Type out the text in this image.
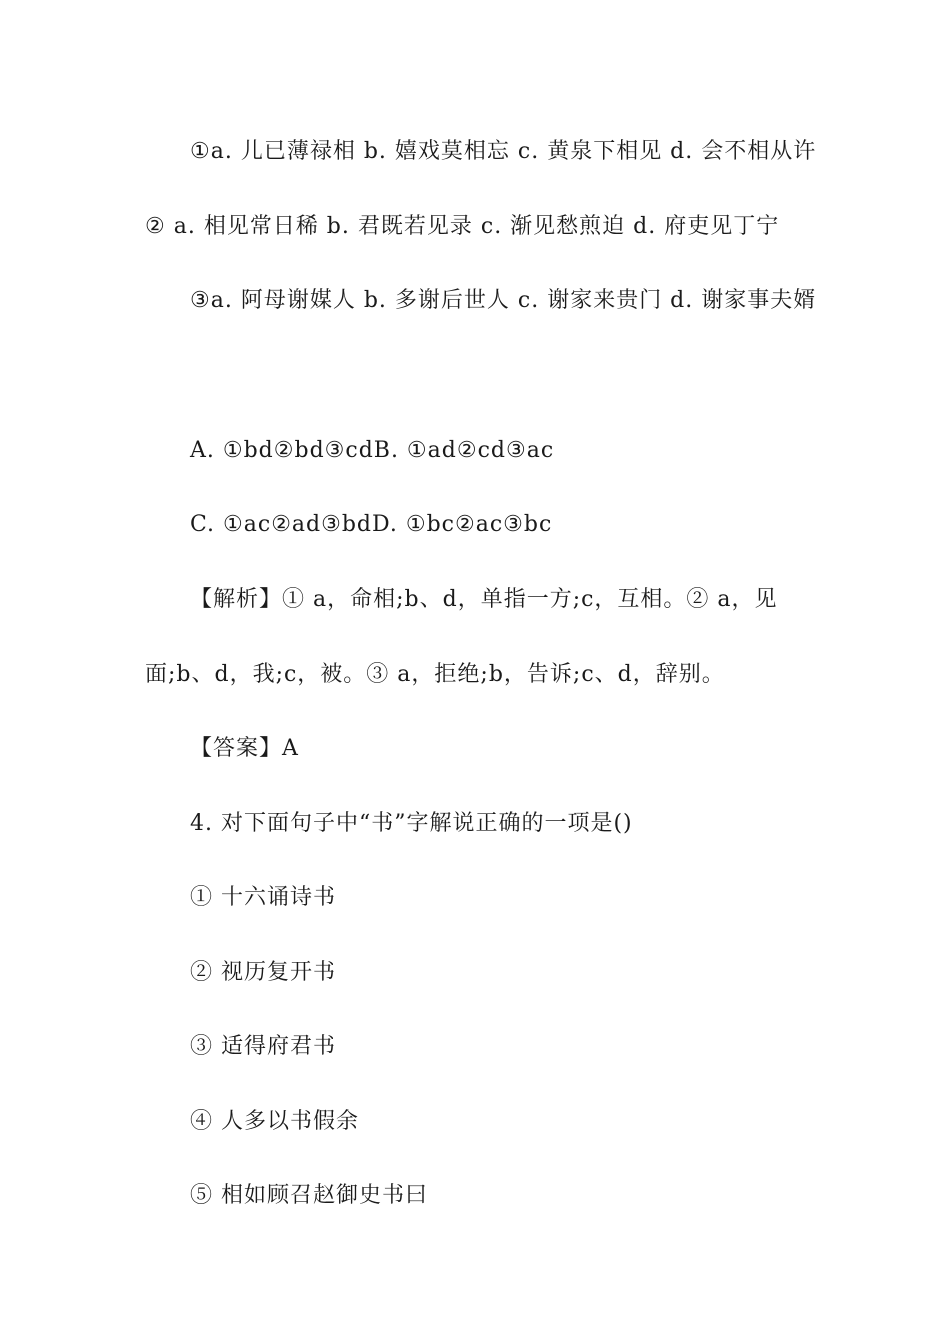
①a. 儿已薄禄相 b. 嬉戏莫相忘 c. 黄泉下相见 d. 会不相从许
② a. 相见常日稀 b. 君既若见录 c. 渐见愁煎迫 d. 府吏见丁宁
③a. 阿母谢媒人 b. 多谢后世人 c. 谢家来贵门 d. 谢家事夫婿
A. ①bd②bd③cdB. ①ad②cd③ac
C. ①ac②ad③bdD. ①bc②ac③bc
【解析】① a，命相;b、d，单指一方;c，互相。② a，见
面;b、d，我;c，被。③ a，拒绝;b，告诉;c、d，辞别。
【答案】A
4. 对下面句子中“书”字解说正确的一项是()
① 十六诵诗书
② 视历复开书
③ 适得府君书
④ 人多以书假余
⑤ 相如顾召赵御史书曰
